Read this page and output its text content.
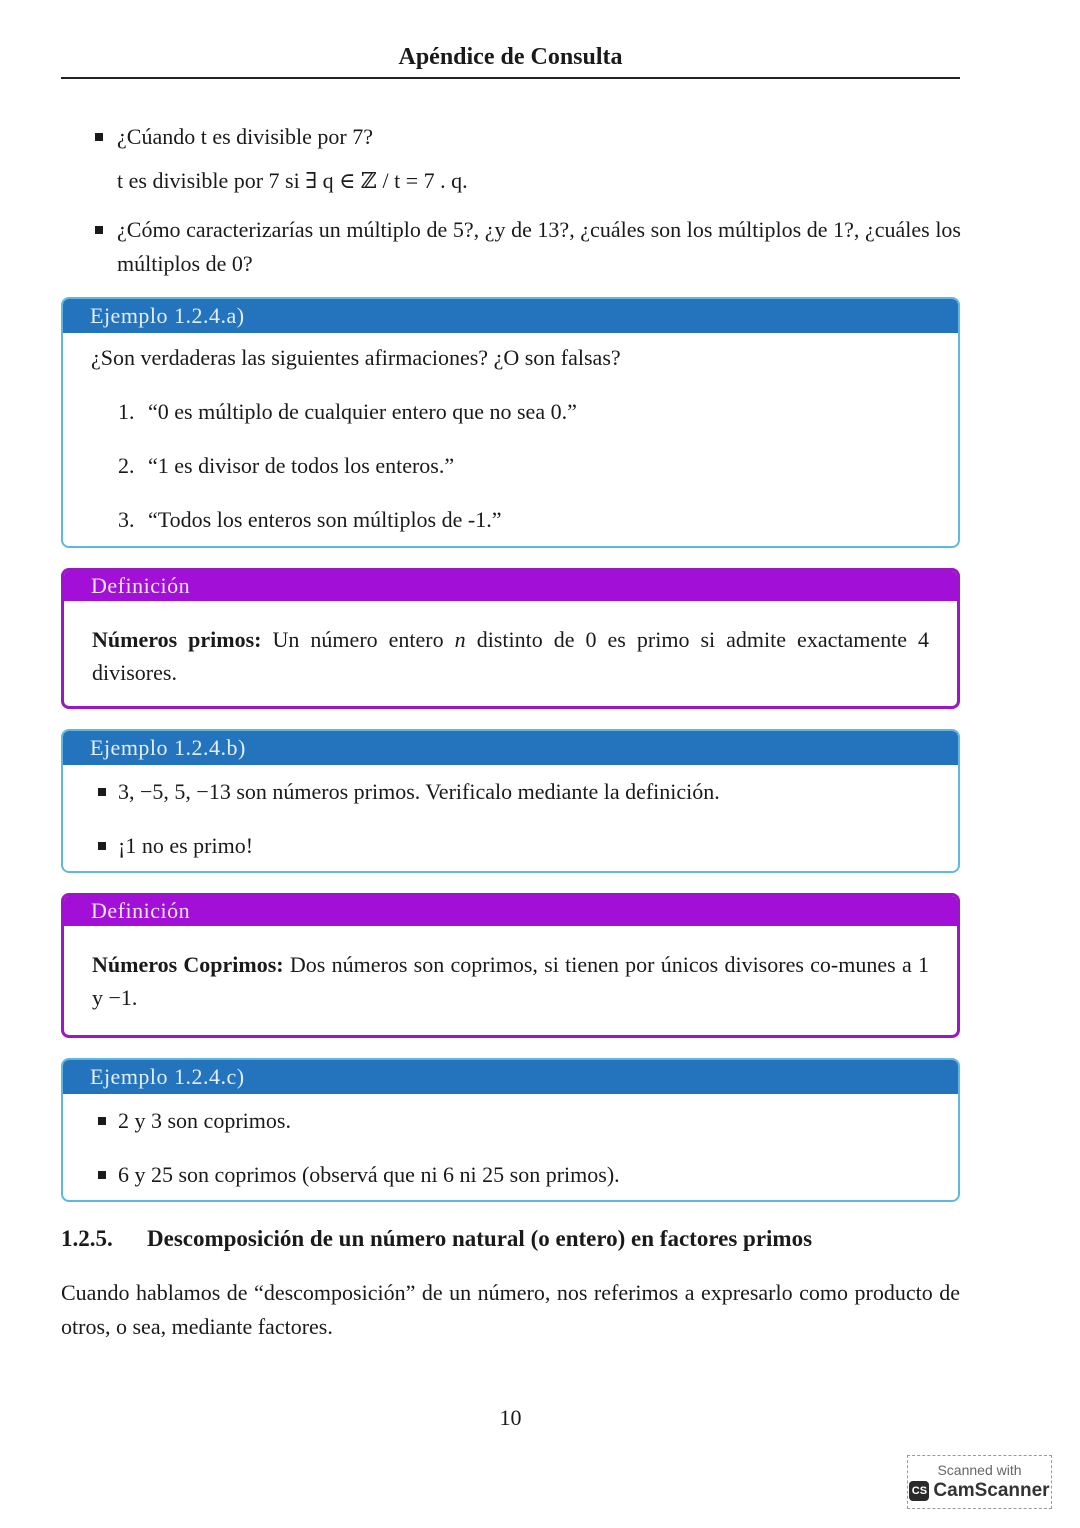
Apéndice de Consulta
¿Cúando t es divisible por 7?
t es divisible por 7 si ∃ q ∈ ℤ / t = 7 . q.
¿Cómo caracterizarías un múltiplo de 5?, ¿y de 13?, ¿cuáles son los múltiplos de 1?, ¿cuáles los múltiplos de 0?
Ejemplo 1.2.4.a)
¿Son verdaderas las siguientes afirmaciones? ¿O son falsas?
1. “0 es múltiplo de cualquier entero que no sea 0.”
2. “1 es divisor de todos los enteros.”
3. “Todos los enteros son múltiplos de -1.”
Definición
Números primos: Un número entero n distinto de 0 es primo si admite exactamente 4 divisores.
Ejemplo 1.2.4.b)
3, −5, 5, −13 son números primos. Verificalo mediante la definición.
¡1 no es primo!
Definición
Números Coprimos: Dos números son coprimos, si tienen por únicos divisores co-munes a 1 y −1.
Ejemplo 1.2.4.c)
2 y 3 son coprimos.
6 y 25 son coprimos (observá que ni 6 ni 25 son primos).
1.2.5. Descomposición de un número natural (o entero) en factores primos
Cuando hablamos de “descomposición” de un número, nos referimos a expresarlo como producto de otros, o sea, mediante factores.
10
Scanned with
CS CamScanner
